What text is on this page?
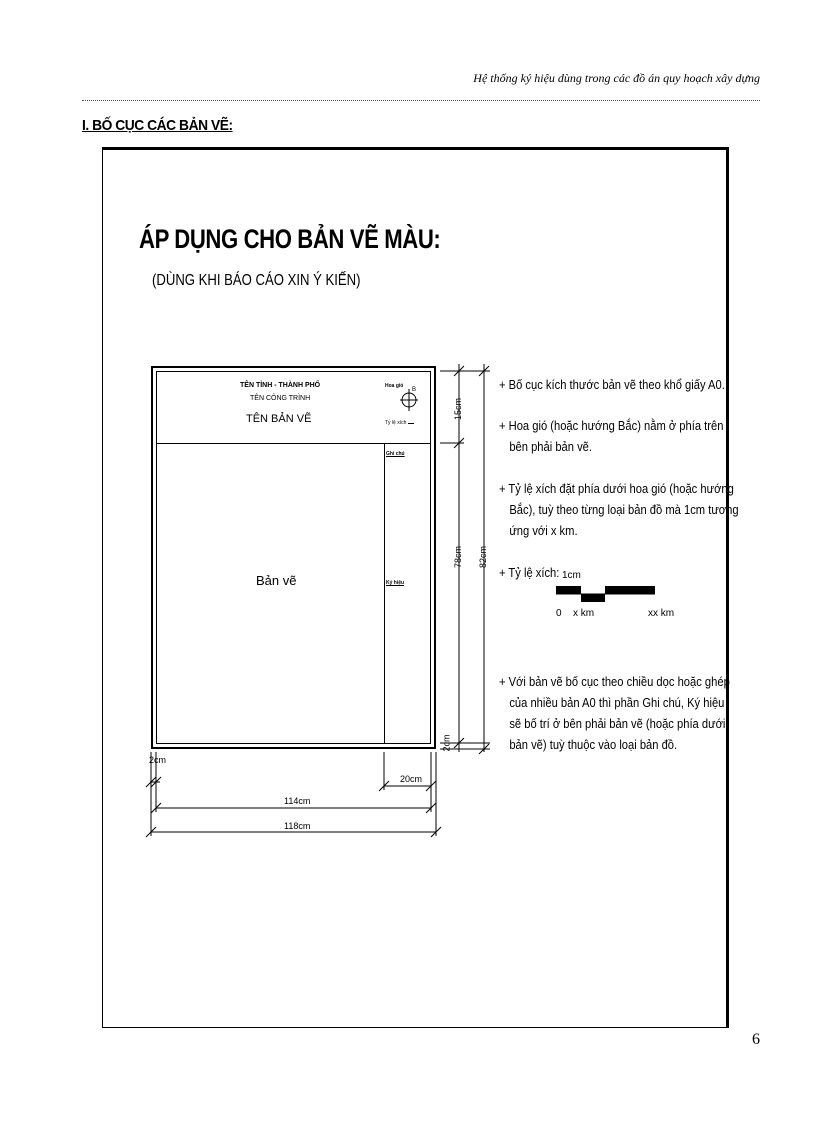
Hệ thống ký hiệu dùng trong các đồ án quy hoạch xây dựng
I. BỐ CỤC CÁC BẢN VẼ:
ÁP DỤNG CHO BẢN VẼ MÀU:
(DÙNG KHI BÁO CÁO XIN Ý KIẾN)
TÊN TỈNH - THÀNH PHỐ
TÊN CÔNG TRÌNH
TÊN BẢN VẼ
Hoa gió
B
Tỷ lệ xích
Ghi chú
Ký hiệu
Bản vẽ
15cm
78cm 82cm
2cm
2cm
20cm
114cm
118cm
+ Bố cục kích thước bản vẽ theo khổ giấy A0.
+ Hoa gió (hoặc hướng Bắc) nằm ở phía trên

bên phải bản vẽ.
+ Tỷ lệ xích đặt phía dưới hoa gió (hoặc hướng

Bắc), tuỳ theo từng loại bản đồ mà 1cm tương
ứng với x km.
+ Tỷ lệ xích: 1cm
0 x km	xx km
+ Với bản vẽ bố cục theo chiều dọc hoặc ghép

của nhiều bản A0 thì phần Ghi chú, Ký hiệu
sẽ bố trí ở bên phải bản vẽ (hoặc phía dưới
bản vẽ) tuỳ thuộc vào loại bản đồ.
6
